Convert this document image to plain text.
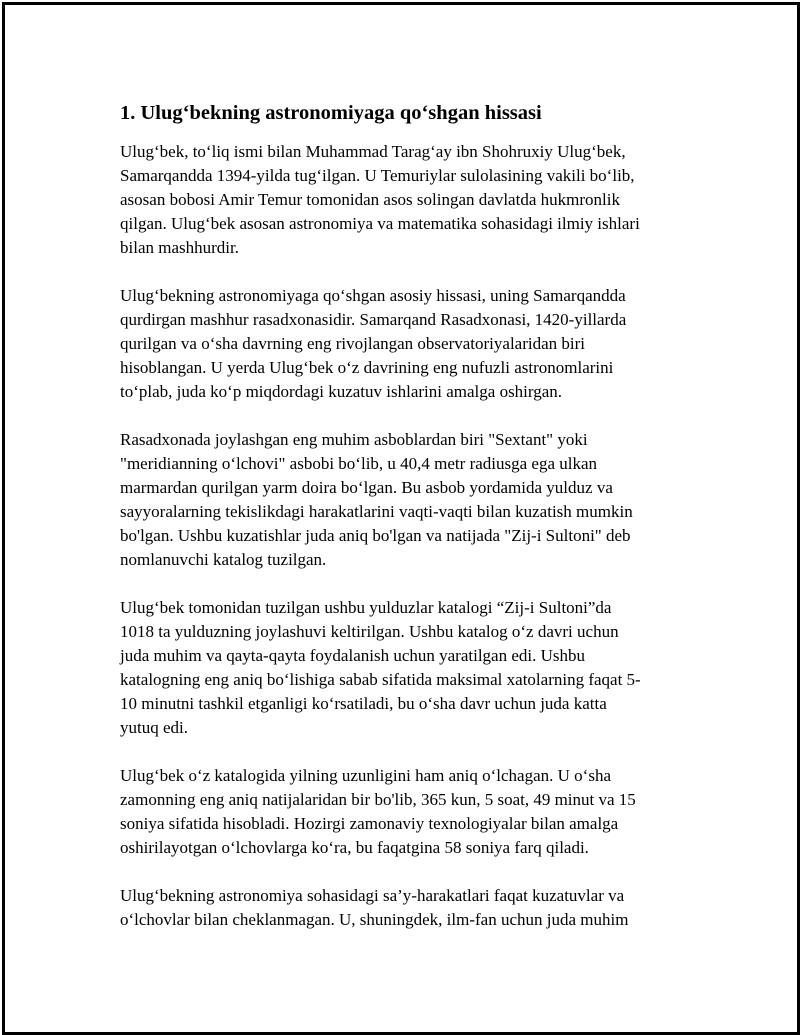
1. Ulug‘bekning astronomiyaga qo‘shgan hissasi

Ulug‘bek, to‘liq ismi bilan Muhammad Tarag‘ay ibn Shohruxiy Ulug‘bek,
Samarqandda 1394-yilda tug‘ilgan. U Temuriylar sulolasining vakili bo‘lib,
asosan bobosi Amir Temur tomonidan asos solingan davlatda hukmronlik
qilgan. Ulug‘bek asosan astronomiya va matematika sohasidagi ilmiy ishlari
bilan mashhurdir.

Ulug‘bekning astronomiyaga qo‘shgan asosiy hissasi, uning Samarqandda
qurdirgan mashhur rasadxonasidir. Samarqand Rasadxonasi, 1420-yillarda
qurilgan va o‘sha davrning eng rivojlangan observatoriyalaridan biri
hisoblangan. U yerda Ulug‘bek o‘z davrining eng nufuzli astronomlarini
to‘plab, juda ko‘p miqdordagi kuzatuv ishlarini amalga oshirgan.

Rasadxonada joylashgan eng muhim asboblardan biri "Sextant" yoki
"meridianning o‘lchovi" asbobi bo‘lib, u 40,4 metr radiusga ega ulkan
marmardan qurilgan yarm doira bo‘lgan. Bu asbob yordamida yulduz va
sayyoralarning tekislikdagi harakatlarini vaqti-vaqti bilan kuzatish mumkin
bo'lgan. Ushbu kuzatishlar juda aniq bo'lgan va natijada "Zij-i Sultoni" deb
nomlanuvchi katalog tuzilgan.

Ulug‘bek tomonidan tuzilgan ushbu yulduzlar katalogi “Zij-i Sultoni”da
1018 ta yulduzning joylashuvi keltirilgan. Ushbu katalog o‘z davri uchun
juda muhim va qayta-qayta foydalanish uchun yaratilgan edi. Ushbu
katalogning eng aniq bo‘lishiga sabab sifatida maksimal xatolarning faqat 5-
10 minutni tashkil etganligi ko‘rsatiladi, bu o‘sha davr uchun juda katta
yutuq edi.

Ulug‘bek o‘z katalogida yilning uzunligini ham aniq o‘lchagan. U o‘sha
zamonning eng aniq natijalaridan bir bo'lib, 365 kun, 5 soat, 49 minut va 15
soniya sifatida hisobladi. Hozirgi zamonaviy texnologiyalar bilan amalga
oshirilayotgan o‘lchovlarga ko‘ra, bu faqatgina 58 soniya farq qiladi.

Ulug‘bekning astronomiya sohasidagi sa’y-harakatlari faqat kuzatuvlar va
o‘lchovlar bilan cheklanmagan. U, shuningdek, ilm-fan uchun juda muhim
